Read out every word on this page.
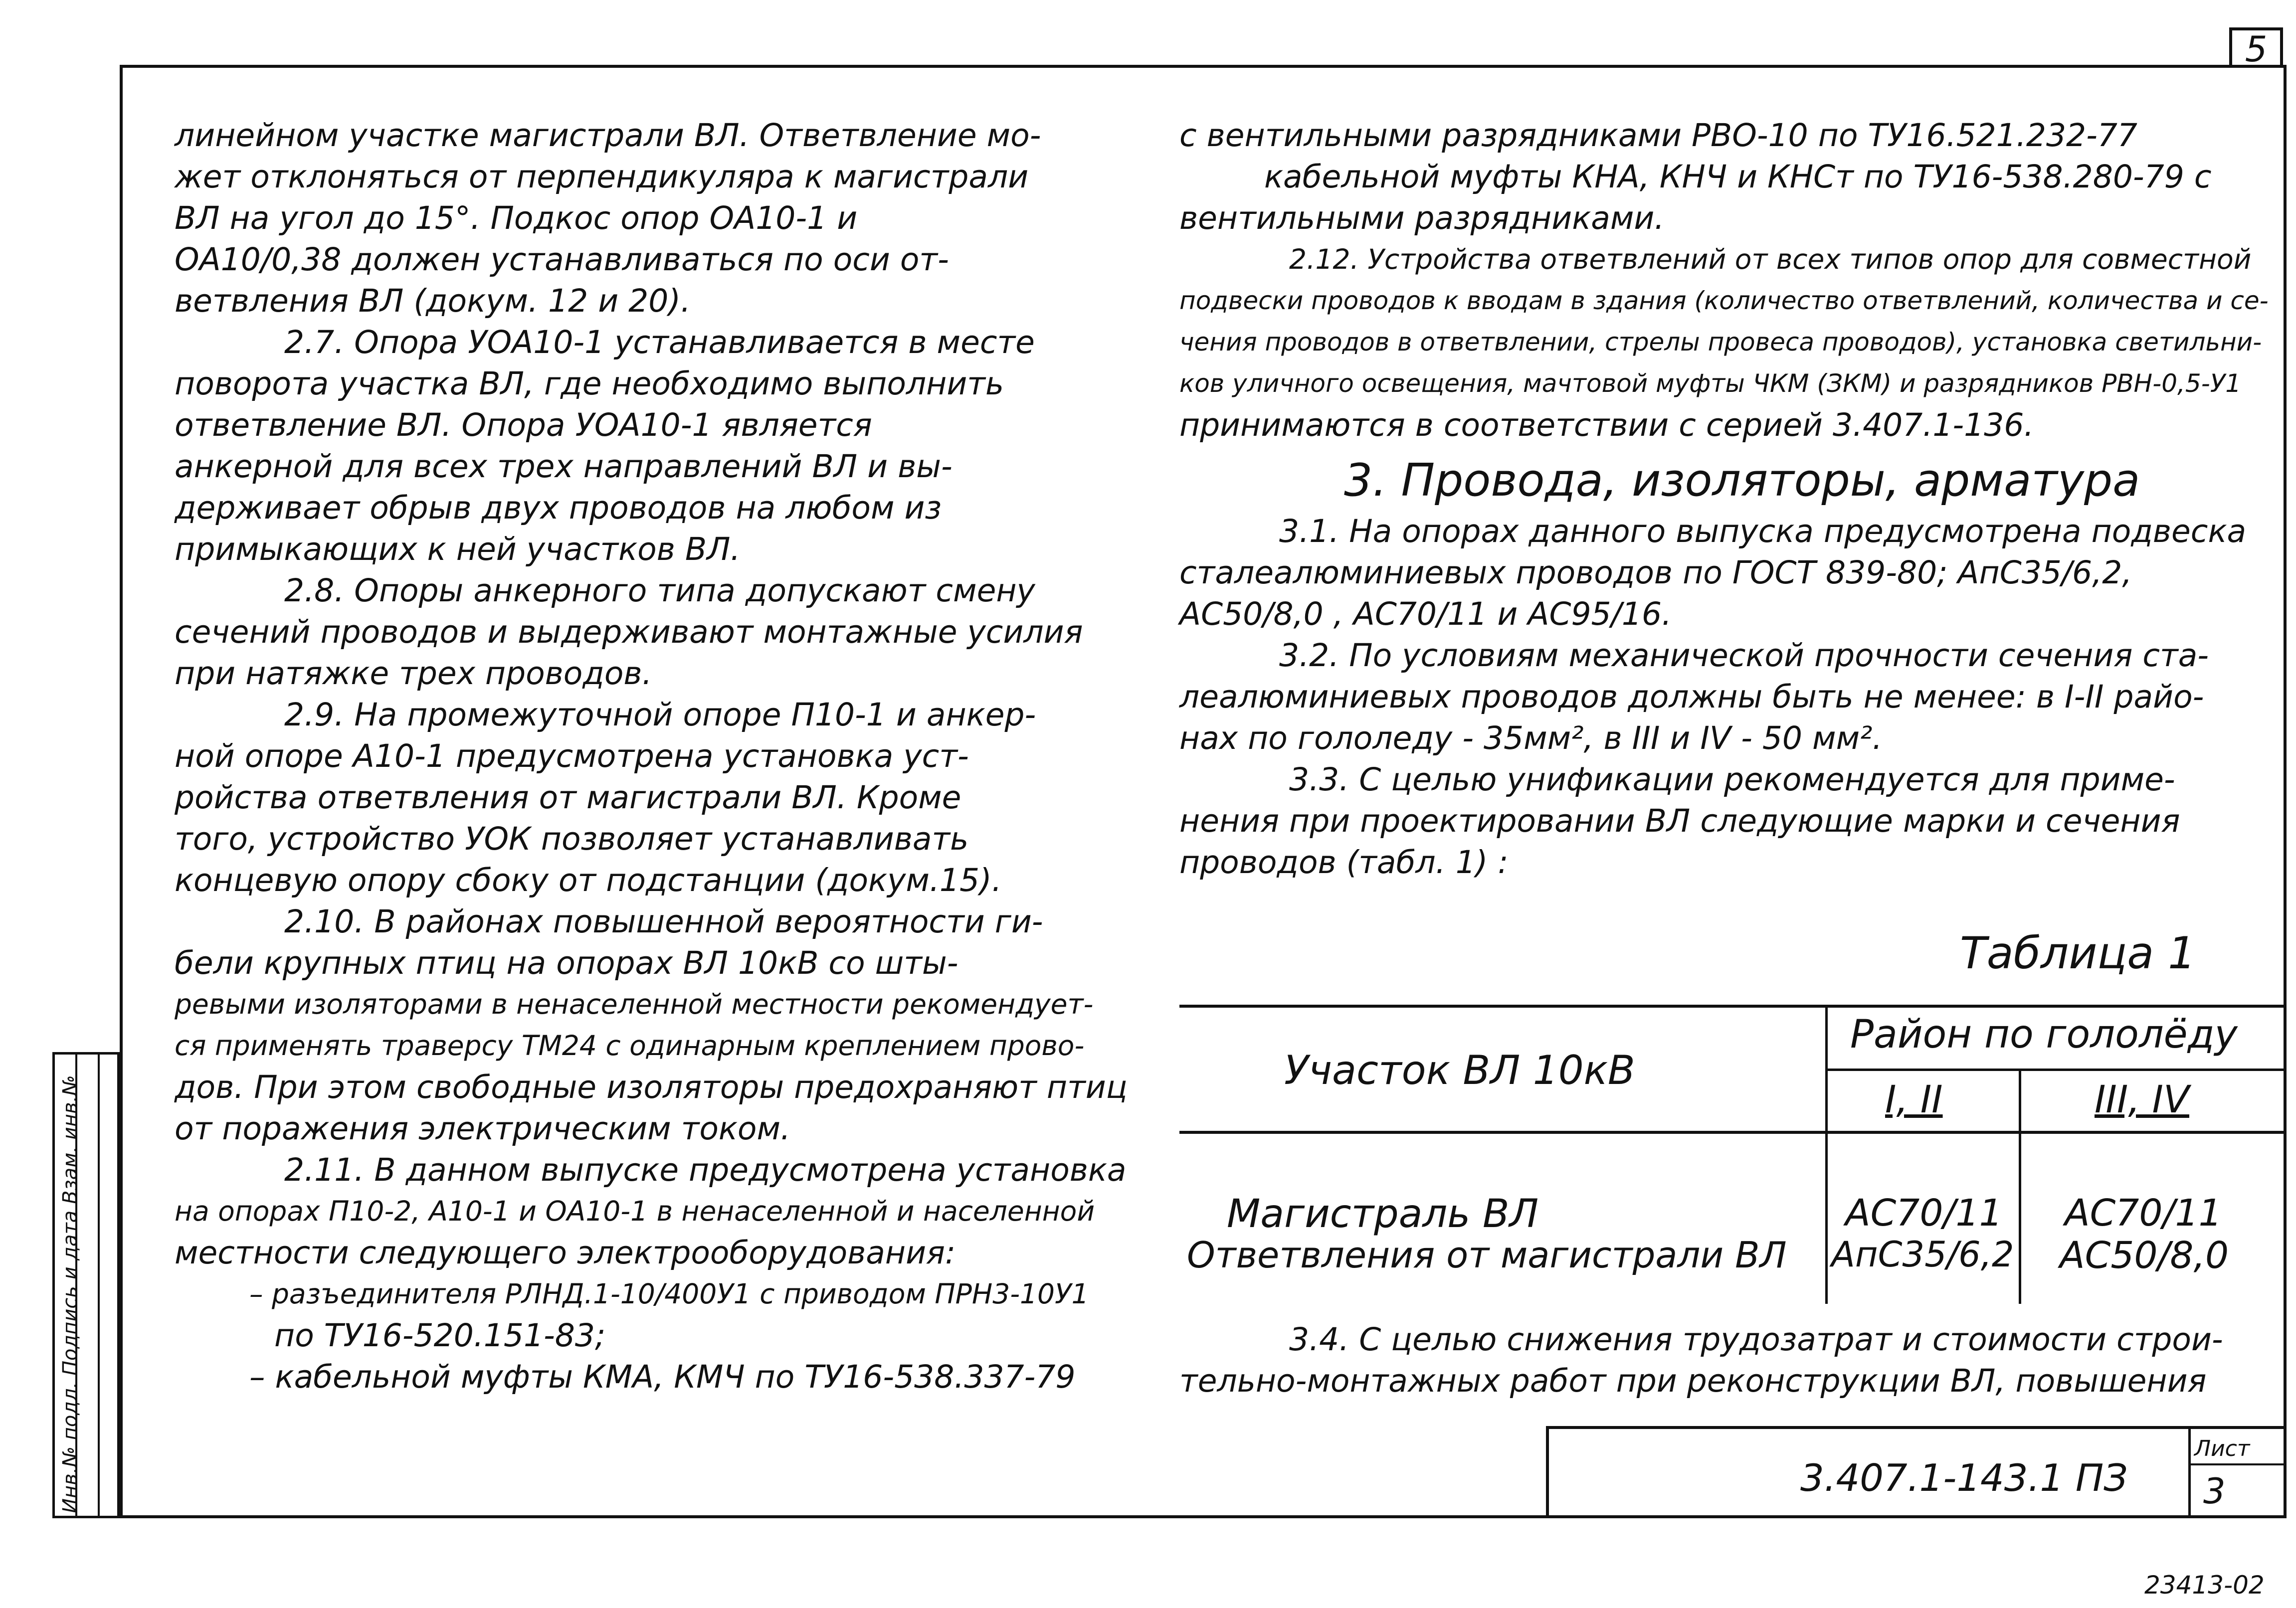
5
Инв.№ подл. Подпись и дата Взам. инв.№

линейном участке магистрали ВЛ. Ответвление мо-

жет отклоняться от перпендикуляра к магистрали

ВЛ на угол до 15°. Подкос опор ОА10-1 и

ОА10/0,38 должен устанавливаться по оси от-

ветвления ВЛ (докум. 12 и 20).

2.7. Опора УОА10-1 устанавливается в месте

поворота участка ВЛ, где необходимо выполнить

ответвление ВЛ. Опора УОА10-1 является

анкерной для всех трех направлений ВЛ и вы-

держивает обрыв двух проводов на любом из

примыкающих к ней участков ВЛ.

2.8. Опоры анкерного типа допускают смену

сечений проводов и выдерживают монтажные усилия

при натяжке трех проводов.

2.9. На промежуточной опоре П10-1 и анкер-

ной опоре А10-1 предусмотрена установка уст-

ройства ответвления от магистрали ВЛ. Кроме

того, устройство УОК позволяет устанавливать

концевую опору сбоку от подстанции (докум.15).

2.10. В районах повышенной вероятности ги-

бели крупных птиц на опорах ВЛ 10кВ со шты-

ревыми изоляторами в ненаселенной местности рекомендует-

ся применять траверсу ТМ24 с одинарным креплением прово-

дов. При этом свободные изоляторы предохраняют птиц

от поражения электрическим током.

2.11. В данном выпуске предусмотрена установка

на опорах П10-2, А10-1 и ОА10-1 в ненаселенной и населенной

местности следующего электрооборудования:

– разъединителя РЛНД.1-10/400У1 с приводом ПРН3-10У1

по ТУ16-520.151-83;

– кабельной муфты КМА, КМЧ по ТУ16-538.337-79

с вентильными разрядниками РВО-10 по ТУ16.521.232-77

кабельной муфты КНА, КНЧ и КНСт по ТУ16-538.280-79 с

вентильными разрядниками.

2.12. Устройства ответвлений от всех типов опор для совместной

подвески проводов к вводам в здания (количество ответвлений, количества и се-

чения проводов в ответвлении, стрелы провеса проводов), установка светильни-

ков уличного освещения, мачтовой муфты ЧКМ (ЗКМ) и разрядников РВН-0,5-У1

принимаются в соответствии с серией 3.407.1-136.

3. Провода, изоляторы, арматура

3.1. На опорах данного выпуска предусмотрена подвеска

сталеалюминиевых проводов по ГОСТ 839-80; АпС35/6,2,

АС50/8,0 , АС70/11 и АС95/16.

3.2. По условиям механической прочности сечения ста-

леалюминиевых проводов должны быть не менее: в I-II райо-

нах по гололеду - 35мм², в III и IV - 50 мм².

3.3. С целью унификации рекомендуется для приме-

нения при проектировании ВЛ следующие марки и сечения

проводов (табл. 1) :

Таблица 1
Участок ВЛ 10кВ
Район по гололёду
I, II	III, IV
Магистраль ВЛ
Ответвления от магистрали ВЛ
АС70/11
АпС35/6,2
АС70/11
АС50/8,0

3.4. С целью снижения трудозатрат и стоимости строи-

тельно-монтажных работ при реконструкции ВЛ, повышения

3.407.1-143.1 ПЗ
Лист
3
23413-02
